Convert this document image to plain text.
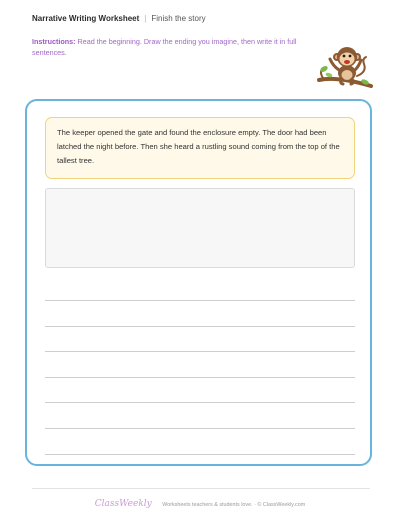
Narrative Writing Worksheet | Finish the story
Instructions: Read the beginning. Draw the ending you imagine, then write it in full sentences.
The keeper opened the gate and found the enclosure empty. The door had been latched the night before. Then she heard a rustling sound coming from the top of the tallest tree.
ClassWeekly Worksheets teachers & students love. · © ClassWeekly.com
